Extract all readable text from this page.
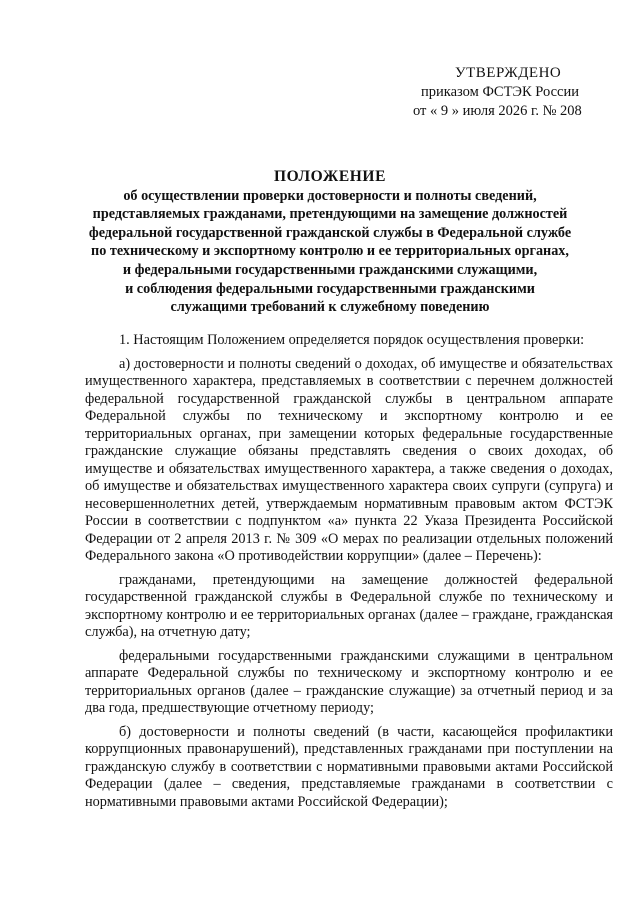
УТВЕРЖДЕНО
приказом ФСТЭК России
от « 9 » июля 2026 г. № 208
ПОЛОЖЕНИЕ
об осуществлении проверки достоверности и полноты сведений,
представляемых гражданами, претендующими на замещение должностей
федеральной государственной гражданской службы в Федеральной службе
по техническому и экспортному контролю и ее территориальных органах,
и федеральными государственными гражданскими служащими,
и соблюдения федеральными государственными гражданскими
служащими требований к служебному поведению

1. Настоящим Положением определяется порядок осуществления проверки:

а) достоверности и полноты сведений о доходах, об имуществе и обязательствах имущественного характера, представляемых в соответствии с перечнем должностей федеральной государственной гражданской службы в центральном аппарате Федеральной службы по техническому и экспортному контролю и ее территориальных органах, при замещении которых федеральные государственные гражданские служащие обязаны представлять сведения о своих доходах, об имуществе и обязательствах имущественного характера, а также сведения о доходах, об имуществе и обязательствах имущественного характера своих супруги (супруга) и несовершеннолетних детей, утверждаемым нормативным правовым актом ФСТЭК России в соответствии с подпунктом «а» пункта 22 Указа Президента Российской Федерации от 2 апреля 2013 г. № 309 «О мерах по реализации отдельных положений Федерального закона «О противодействии коррупции» (далее – Перечень):

гражданами, претендующими на замещение должностей федеральной государственной гражданской службы в Федеральной службе по техническому и экспортному контролю и ее территориальных органах (далее – граждане, гражданская служба), на отчетную дату;

федеральными государственными гражданскими служащими в центральном аппарате Федеральной службы по техническому и экспортному контролю и ее территориальных органов (далее – гражданские служащие) за отчетный период и за два года, предшествующие отчетному периоду;

б) достоверности и полноты сведений (в части, касающейся профилактики коррупционных правонарушений), представленных гражданами при поступлении на гражданскую службу в соответствии с нормативными правовыми актами Российской Федерации (далее – сведения, представляемые гражданами в соответствии с нормативными правовыми актами Российской Федерации);
